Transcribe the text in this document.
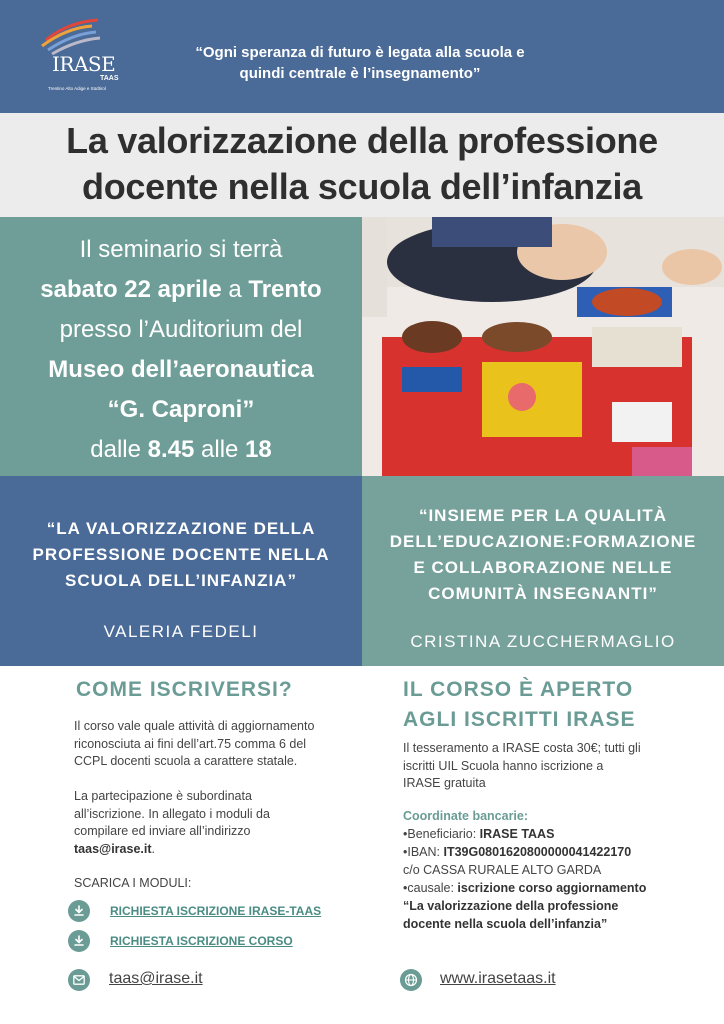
IRASE
TAAS
Trentino Alto Adige e Südtirol
“Ogni speranza di futuro è legata alla scuola e
quindi centrale è l’insegnamento”
La valorizzazione della professione
docente nella scuola dell’infanzia
Il seminario si terrà
sabato 22 aprile a Trento
presso l’Auditorium del
Museo dell’aeronautica
“G. Caproni”
dalle 8.45 alle 18
“LA VALORIZZAZIONE DELLA
PROFESSIONE DOCENTE NELLA
SCUOLA DELL’INFANZIA”
VALERIA FEDELI
“INSIEME PER LA QUALITÀ
DELL’EDUCAZIONE:FORMAZIONE
E COLLABORAZIONE NELLE
COMUNITÀ INSEGNANTI”
CRISTINA ZUCCHERMAGLIO
COME ISCRIVERSI?
Il corso vale quale attività di aggiornamento
riconosciuta ai fini dell’art.75 comma 6 del
CCPL docenti scuola a carattere statale.
La partecipazione è subordinata
all’iscrizione. In allegato i moduli da
compilare ed inviare all’indirizzo
taas@irase.it.
SCARICA I MODULI:
RICHIESTA ISCRIZIONE IRASE-TAAS
RICHIESTA ISCRIZIONE CORSO
IL CORSO È APERTO
AGLI ISCRITTI IRASE
Il tesseramento a IRASE costa 30€; tutti gli
iscritti UIL Scuola hanno iscrizione a
IRASE gratuita
Coordinate bancarie:
•Beneficiario: IRASE TAAS
•IBAN: IT39G0801620800000041422170
c/o CASSA RURALE ALTO GARDA
•causale: iscrizione corso aggiornamento
“La valorizzazione della professione
docente nella scuola dell’infanzia”
taas@irase.it	www.irasetaas.it
